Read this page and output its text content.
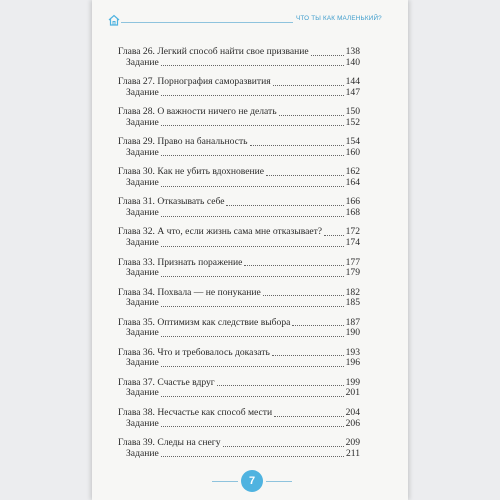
ЧТО ТЫ КАК МАЛЕНЬКИЙ?
Глава 26. Легкий способ найти свое призвание	138
Задание	140
Глава 27. Порнография саморазвития	144
Задание	147
Глава 28. О важности ничего не делать	150
Задание	152
Глава 29. Право на банальность	154
Задание	160
Глава 30. Как не убить вдохновение	162
Задание	164
Глава 31. Отказывать себе	166
Задание	168
Глава 32. А что, если жизнь сама мне отказывает? 172
Задание	174
Глава 33. Признать поражение	177
Задание	179
Глава 34. Похвала — не понукание	182
Задание	185
Глава 35. Оптимизм как следствие выбора	187
Задание	190
Глава 36. Что и требовалось доказать	193
Задание	196
Глава 37. Счастье вдруг	199
Задание	201
Глава 38. Несчастье как способ мести	204
Задание	206
Глава 39. Следы на снегу	209
Задание	211
7
